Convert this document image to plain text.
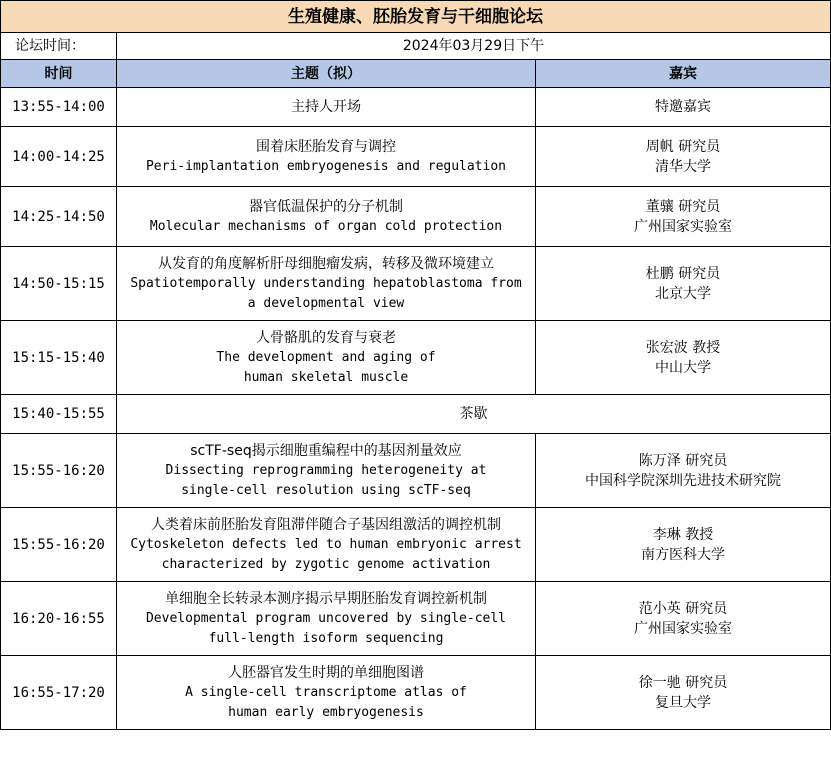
生殖健康、胚胎发育与干细胞论坛		
论坛时间：	2024年03月29日下午	
时间	主题（拟）	嘉宾
13:55-14:00	主持人开场	特邀嘉宾

14:00-14:25	围着床胚胎发育与调控
Peri-implantation embryogenesis and regulation	周帆 研究员
清华大学

14:25-14:50	器官低温保护的分子机制
Molecular mechanisms of organ cold protection	董骧 研究员
广州国家实验室

14:50-15:15	从发育的角度解析肝母细胞瘤发病，转移及微环境建立
Spatiotemporally understanding hepatoblastoma from
a developmental view	杜鹏 研究员
北京大学

15:15-15:40	人骨骼肌的发育与衰老
The development and aging of
human skeletal muscle	张宏波 教授
中山大学

15:40-15:55	茶歇	
15:55-16:20	scTF-seq揭示细胞重编程中的基因剂量效应
Dissecting reprogramming heterogeneity at
single-cell resolution using scTF-seq	陈万泽 研究员
中国科学院深圳先进技术研究院

15:55-16:20	人类着床前胚胎发育阻滞伴随合子基因组激活的调控机制
Cytoskeleton defects led to human embryonic arrest
characterized by zygotic genome activation	李琳 教授
南方医科大学

16:20-16:55	单细胞全长转录本测序揭示早期胚胎发育调控新机制
Developmental program uncovered by single-cell
full-length isoform sequencing	范小英 研究员
广州国家实验室

16:55-17:20	人胚器官发生时期的单细胞图谱
A single-cell transcriptome atlas of
human early embryogenesis	徐一驰 研究员
复旦大学
